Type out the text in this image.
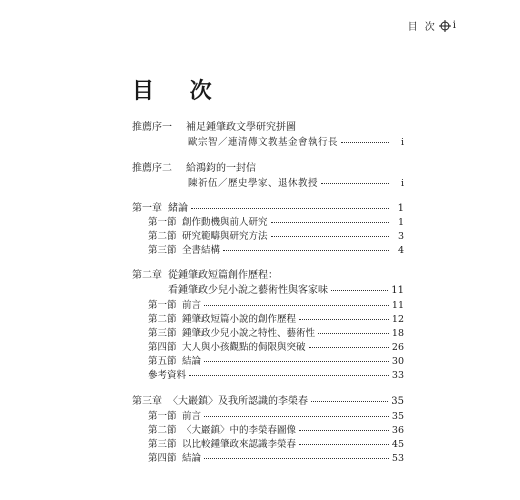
目 次 i
目 次
推薦序一	補足鍾肇政文學研究拼圖
歐宗智／連清傳文教基金會執行長	i
推薦序二	給鴻鈞的一封信
陳祈伍／歷史學家、退休教授	i
第一章 緒論	1
第一節 創作動機與前人研究	1
第二節 研究範疇與研究方法	3
第三節 全書結構	4
第二章 從鍾肇政短篇創作歷程：
看鍾肇政少兒小說之藝術性與客家味	11
第一節 前言	11
第二節 鍾肇政短篇小說的創作歷程	12
第三節 鍾肇政少兒小說之特性、藝術性	18
第四節 大人與小孩觀點的侷限與突破	26
第五節 結論	30
參考資料	33
第三章 〈大巖鎮〉及我所認識的李榮春	35
第一節 前言	35
第二節 〈大巖鎮〉中的李榮春圖像	36
第三節 以比較鍾肇政來認識李榮春	45
第四節 結論	53
